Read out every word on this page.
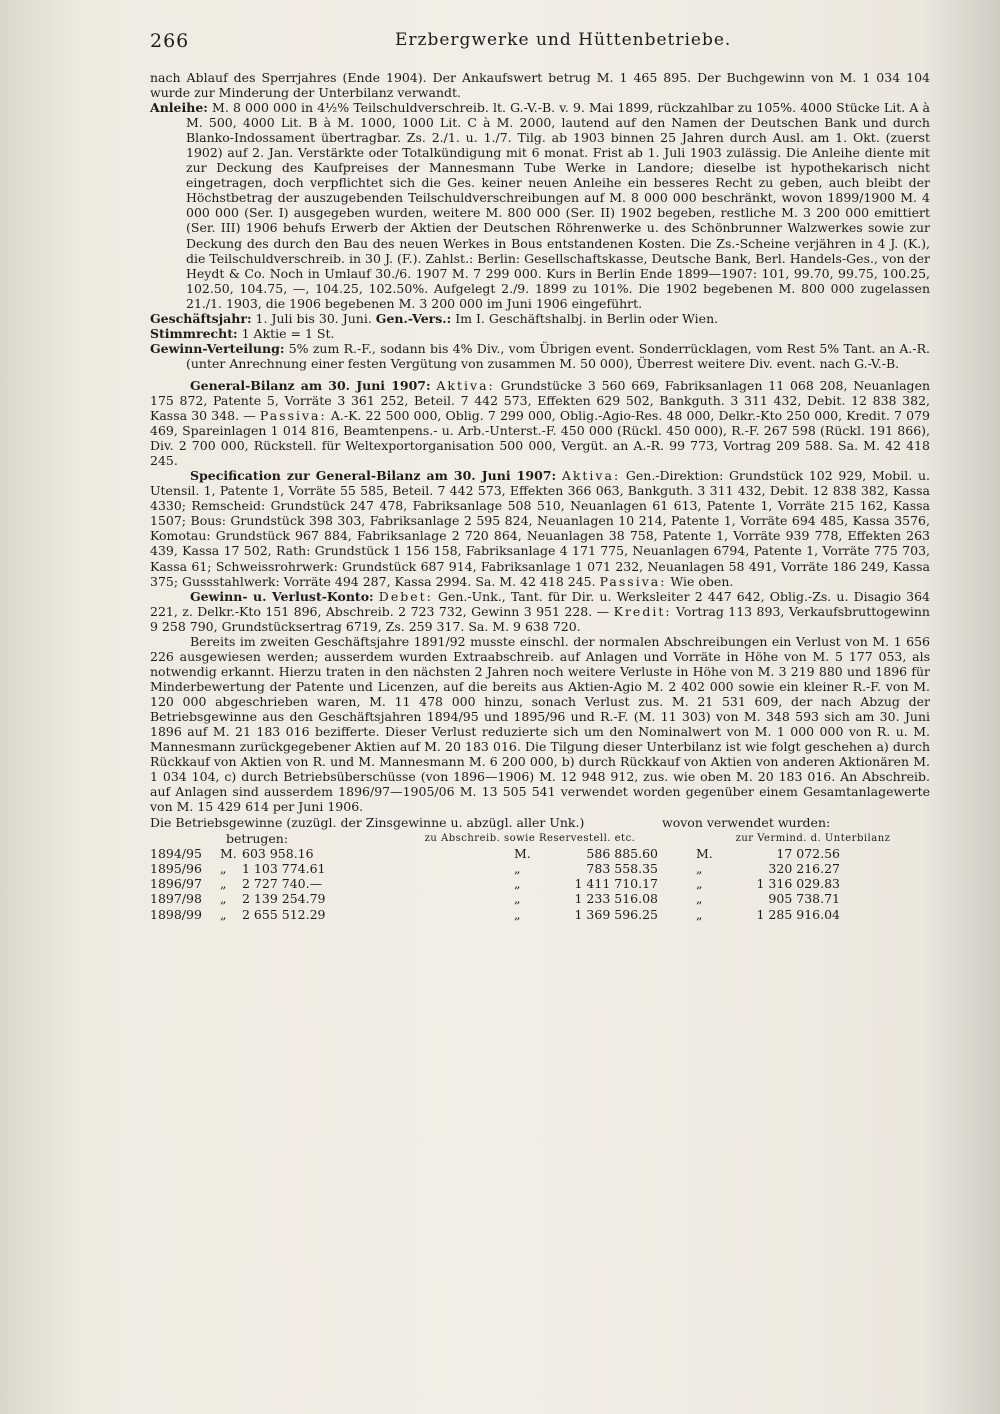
266	Erzbergwerke und Hüttenbetriebe.

nach Ablauf des Sperrjahres (Ende 1904). Der Ankaufswert betrug M. 1 465 895. Der Buchgewinn von M. 1 034 104 wurde zur Minderung der Unterbilanz verwandt.

Anleihe: M. 8 000 000 in 4½% Teilschuldverschreib. lt. G.-V.-B. v. 9. Mai 1899, rückzahlbar zu 105%. 4000 Stücke Lit. A à M. 500, 4000 Lit. B à M. 1000, 1000 Lit. C à M. 2000, lautend auf den Namen der Deutschen Bank und durch Blanko-Indossament übertragbar. Zs. 2./1. u. 1./7. Tilg. ab 1903 binnen 25 Jahren durch Ausl. am 1. Okt. (zuerst 1902) auf 2. Jan. Verstärkte oder Totalkündigung mit 6 monat. Frist ab 1. Juli 1903 zulässig. Die Anleihe diente mit zur Deckung des Kaufpreises der Mannesmann Tube Werke in Landore; dieselbe ist hypothekarisch nicht eingetragen, doch verpflichtet sich die Ges. keiner neuen Anleihe ein besseres Recht zu geben, auch bleibt der Höchstbetrag der auszugebenden Teilschuldverschreibungen auf M. 8 000 000 beschränkt, wovon 1899/1900 M. 4 000 000 (Ser. I) ausgegeben wurden, weitere M. 800 000 (Ser. II) 1902 begeben, restliche M. 3 200 000 emittiert (Ser. III) 1906 behufs Erwerb der Aktien der Deutschen Röhrenwerke u. des Schönbrunner Walzwerkes sowie zur Deckung des durch den Bau des neuen Werkes in Bous entstandenen Kosten. Die Zs.-Scheine verjähren in 4 J. (K.), die Teilschuldverschreib. in 30 J. (F.). Zahlst.: Berlin: Gesellschaftskasse, Deutsche Bank, Berl. Handels-Ges., von der Heydt & Co. Noch in Umlauf 30./6. 1907 M. 7 299 000. Kurs in Berlin Ende 1899—1907: 101, 99.70, 99.75, 100.25, 102.50, 104.75, —, 104.25, 102.50%. Aufgelegt 2./9. 1899 zu 101%. Die 1902 begebenen M. 800 000 zugelassen 21./1. 1903, die 1906 begebenen M. 3 200 000 im Juni 1906 eingeführt.

Geschäftsjahr: 1. Juli bis 30. Juni. Gen.-Vers.: Im I. Geschäftshalbj. in Berlin oder Wien.

Stimmrecht: 1 Aktie = 1 St.

Gewinn-Verteilung: 5% zum R.-F., sodann bis 4% Div., vom Übrigen event. Sonderrücklagen, vom Rest 5% Tant. an A.-R. (unter Anrechnung einer festen Vergütung von zusammen M. 50 000), Überrest weitere Div. event. nach G.-V.-B.

General-Bilanz am 30. Juni 1907: Aktiva: Grundstücke 3 560 669, Fabriksanlagen 11 068 208, Neuanlagen 175 872, Patente 5, Vorräte 3 361 252, Beteil. 7 442 573, Effekten 629 502, Bankguth. 3 311 432, Debit. 12 838 382, Kassa 30 348. — Passiva: A.-K. 22 500 000, Oblig. 7 299 000, Oblig.-Agio-Res. 48 000, Delkr.-Kto 250 000, Kredit. 7 079 469, Spareinlagen 1 014 816, Beamtenpens.- u. Arb.-Unterst.-F. 450 000 (Rückl. 450 000), R.-F. 267 598 (Rückl. 191 866), Div. 2 700 000, Rückstell. für Weltexportorganisation 500 000, Vergüt. an A.-R. 99 773, Vortrag 209 588. Sa. M. 42 418 245.

Specification zur General-Bilanz am 30. Juni 1907: Aktiva: Gen.-Direktion: Grundstück 102 929, Mobil. u. Utensil. 1, Patente 1, Vorräte 55 585, Beteil. 7 442 573, Effekten 366 063, Bankguth. 3 311 432, Debit. 12 838 382, Kassa 4330; Remscheid: Grundstück 247 478, Fabriksanlage 508 510, Neuanlagen 61 613, Patente 1, Vorräte 215 162, Kassa 1507; Bous: Grundstück 398 303, Fabriksanlage 2 595 824, Neuanlagen 10 214, Patente 1, Vorräte 694 485, Kassa 3576, Komotau: Grundstück 967 884, Fabriksanlage 2 720 864, Neuanlagen 38 758, Patente 1, Vorräte 939 778, Effekten 263 439, Kassa 17 502, Rath: Grundstück 1 156 158, Fabriksanlage 4 171 775, Neuanlagen 6794, Patente 1, Vorräte 775 703, Kassa 61; Schweissrohrwerk: Grundstück 687 914, Fabriksanlage 1 071 232, Neuanlagen 58 491, Vorräte 186 249, Kassa 375; Gussstahlwerk: Vorräte 494 287, Kassa 2994. Sa. M. 42 418 245. Passiva: Wie oben.

Gewinn- u. Verlust-Konto: Debet: Gen.-Unk., Tant. für Dir. u. Werksleiter 2 447 642, Oblig.-Zs. u. Disagio 364 221, z. Delkr.-Kto 151 896, Abschreib. 2 723 732, Gewinn 3 951 228. — Kredit: Vortrag 113 893, Verkaufsbruttogewinn 9 258 790, Grundstücksertrag 6719, Zs. 259 317. Sa. M. 9 638 720.

Bereits im zweiten Geschäftsjahre 1891/92 musste einschl. der normalen Abschreibungen ein Verlust von M. 1 656 226 ausgewiesen werden; ausserdem wurden Extraabschreib. auf Anlagen und Vorräte in Höhe von M. 5 177 053, als notwendig erkannt. Hierzu traten in den nächsten 2 Jahren noch weitere Verluste in Höhe von M. 3 219 880 und 1896 für Minderbewertung der Patente und Licenzen, auf die bereits aus Aktien-Agio M. 2 402 000 sowie ein kleiner R.-F. von M. 120 000 abgeschrieben waren, M. 11 478 000 hinzu, sonach Verlust zus. M. 21 531 609, der nach Abzug der Betriebsgewinne aus den Geschäftsjahren 1894/95 und 1895/96 und R.-F. (M. 11 303) von M. 348 593 sich am 30. Juni 1896 auf M. 21 183 016 bezifferte. Dieser Verlust reduzierte sich um den Nominalwert von M. 1 000 000 von R. u. M. Mannesmann zurückgegebener Aktien auf M. 20 183 016. Die Tilgung dieser Unterbilanz ist wie folgt geschehen a) durch Rückkauf von Aktien von R. und M. Mannesmann M. 6 200 000, b) durch Rückkauf von Aktien von anderen Aktionären M. 1 034 104, c) durch Betriebsüberschüsse (von 1896—1906) M. 12 948 912, zus. wie oben M. 20 183 016. An Abschreib. auf Anlagen sind ausserdem 1896/97—1905/06 M. 13 505 541 verwendet worden gegenüber einem Gesamtanlagewerte von M. 15 429 614 per Juni 1906.

Die Betriebsgewinne (zuzügl. der Zinsgewinne u. abzügl. aller Unk.)						wovon verwendet wurden:			
betrugen:			zu Abschreib. sowie Reservestell. etc.				zur Vermind. d. Unterbilanz		
1894/95	M.	603 958.16		M.	586 885.60		M.	17 072.56	
1895/96	„	1 103 774.61		„	783 558.35		„	320 216.27	
1896/97	„	2 727 740.—		„	1 411 710.17		„	1 316 029.83	
1897/98	„	2 139 254.79		„	1 233 516.08		„	905 738.71	
1898/99	„	2 655 512.29		„	1 369 596.25		„	1 285 916.04	
